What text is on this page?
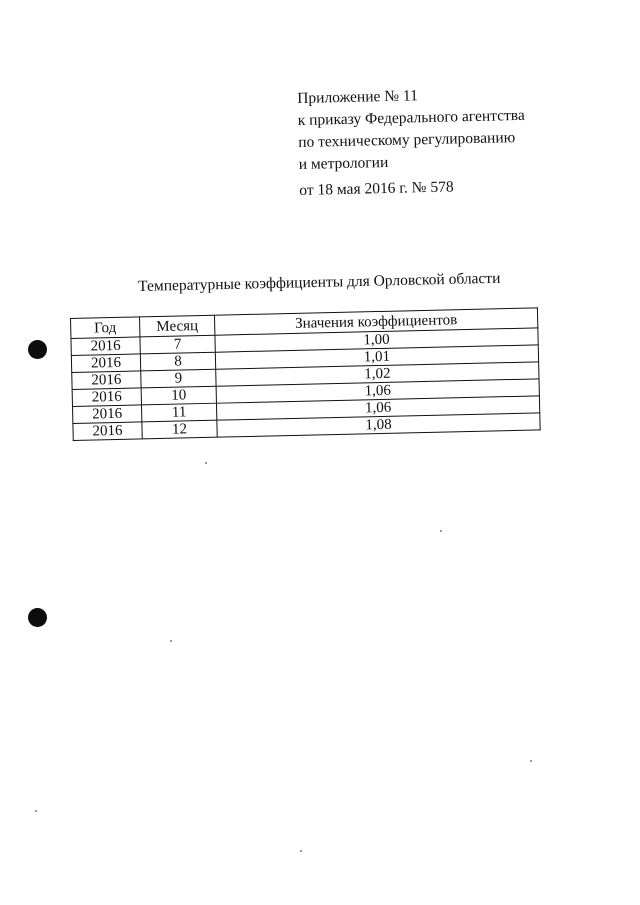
Приложение № 11
к приказу Федерального агентства
по техническому регулированию
и метрологии
от 18 мая 2016 г. № 578
Температурные коэффициенты для Орловской области
Год	Месяц	Значения коэффициентов
2016	7	1,00
2016	8	1,01
2016	9	1,02
2016	10	1,06
2016	11	1,06
2016	12	1,08
